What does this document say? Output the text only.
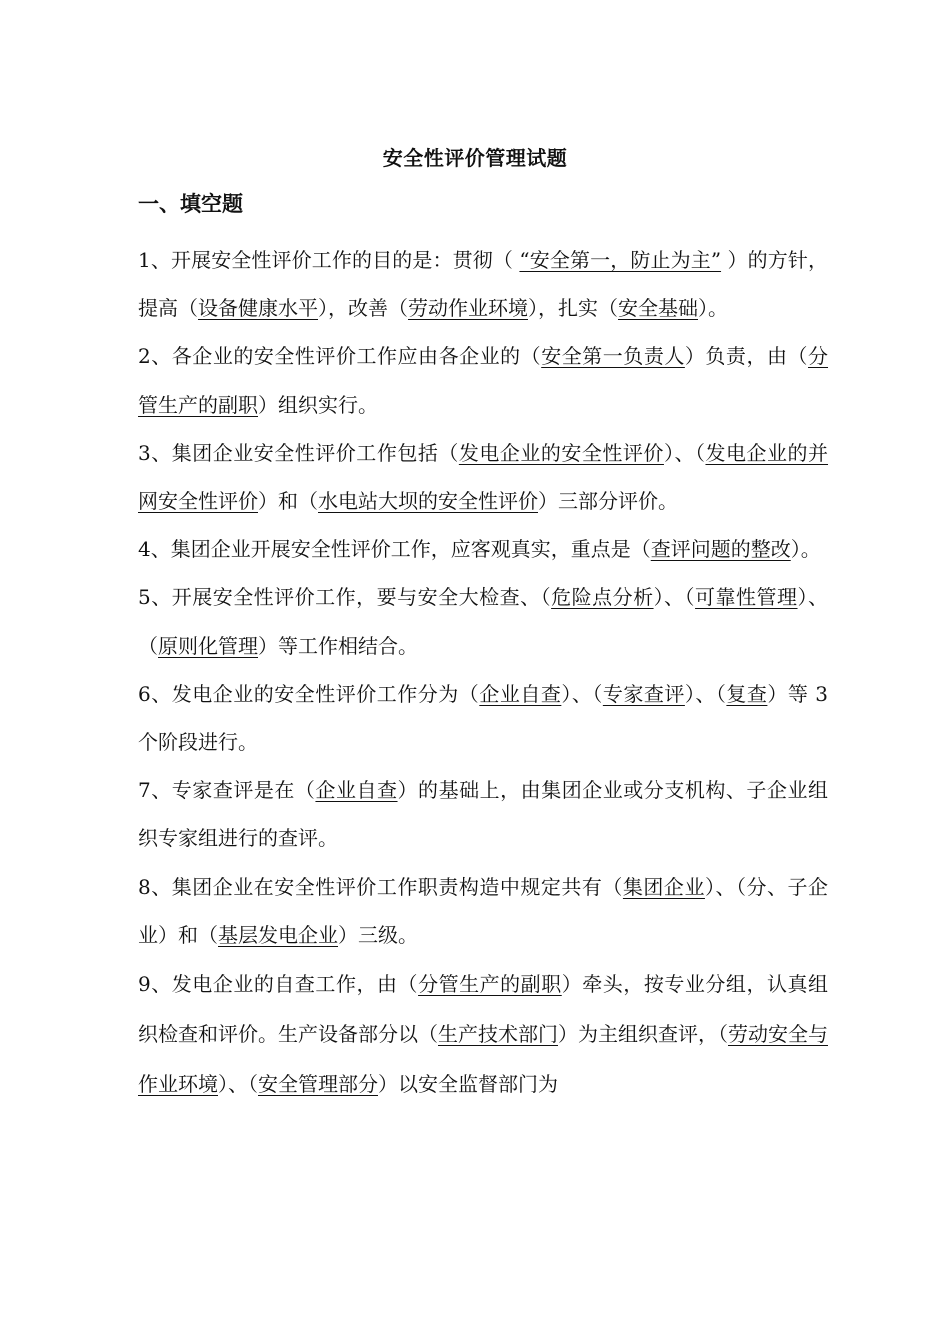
安全性评价管理试题
一、填空题

1、开展安全性评价工作的目的是：贯彻（ “安全第一，防止为主” ）的方针，提高（设备健康水平），改善（劳动作业环境），扎实（安全基础）。

2、各企业的安全性评价工作应由各企业的（安全第一负责人）负责，由（分管生产的副职）组织实行。

3、集团企业安全性评价工作包括（发电企业的安全性评价）、（发电企业的并网安全性评价）和（水电站大坝的安全性评价）三部分评价。

4、集团企业开展安全性评价工作，应客观真实，重点是（查评问题的整改）。

5、开展安全性评价工作，要与安全大检查、（危险点分析）、（可靠性管理）、（原则化管理）等工作相结合。

6、发电企业的安全性评价工作分为（企业自查）、（专家查评）、（复查）等 3 个阶段进行。

7、专家查评是在（企业自查）的基础上，由集团企业或分支机构、子企业组织专家组进行的查评。

8、集团企业在安全性评价工作职责构造中规定共有（集团企业）、（分、子企业）和（基层发电企业）三级。

9、发电企业的自查工作，由（分管生产的副职）牵头，按专业分组，认真组织检查和评价。生产设备部分以（生产技术部门）为主组织查评，（劳动安全与作业环境）、（安全管理部分）以安全监督部门为
